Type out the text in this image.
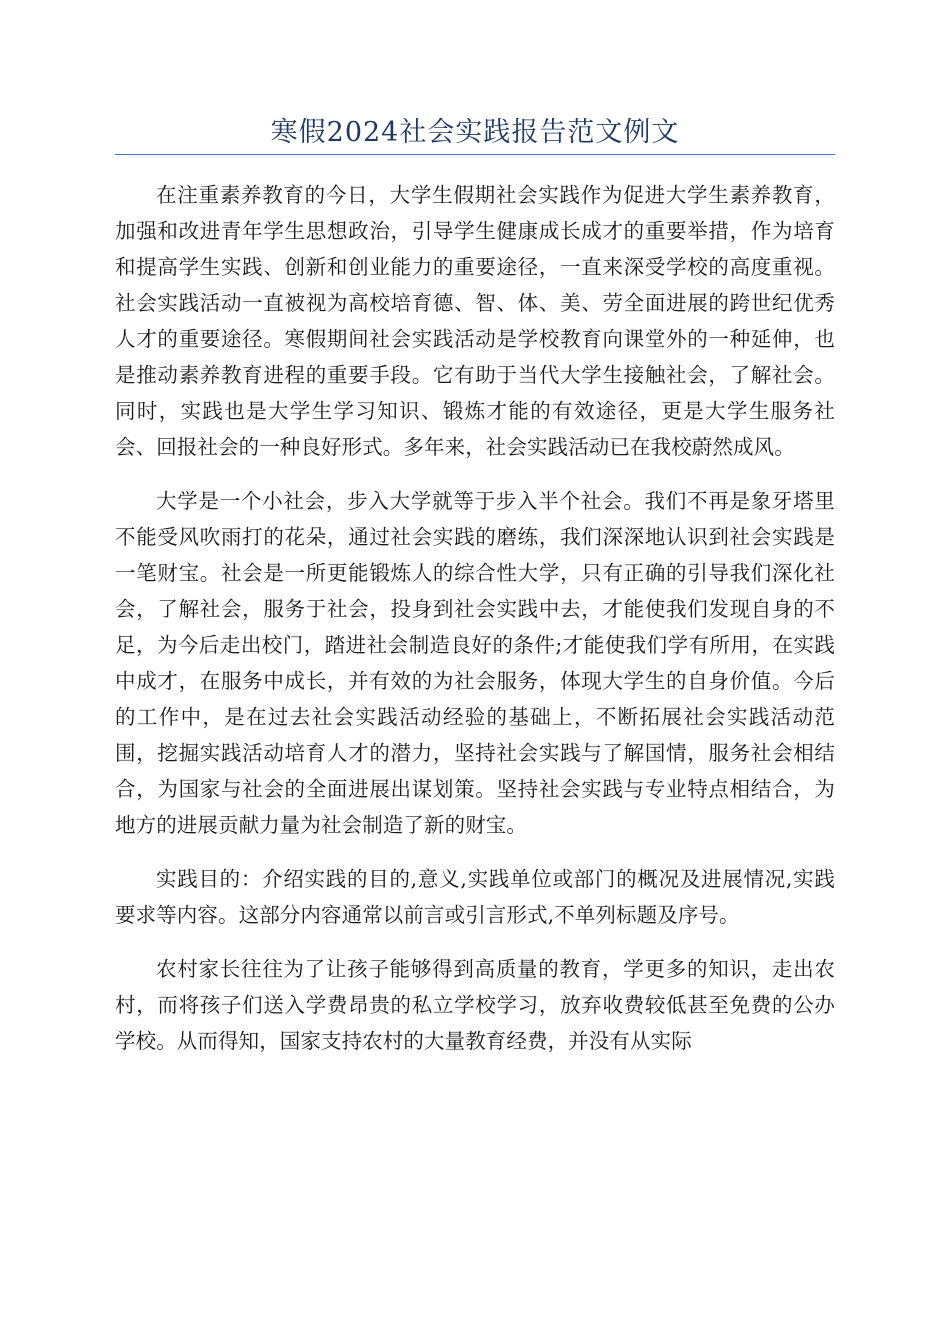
寒假2024社会实践报告范文例文

在注重素养教育的今日，大学生假期社会实践作为促进大学生素养教育，加强和改进青年学生思想政治，引导学生健康成长成才的重要举措，作为培育和提高学生实践、创新和创业能力的重要途径，一直来深受学校的高度重视。社会实践活动一直被视为高校培育德、智、体、美、劳全面进展的跨世纪优秀人才的重要途径。寒假期间社会实践活动是学校教育向课堂外的一种延伸，也是推动素养教育进程的重要手段。它有助于当代大学生接触社会，了解社会。同时，实践也是大学生学习知识、锻炼才能的有效途径，更是大学生服务社会、回报社会的一种良好形式。多年来，社会实践活动已在我校蔚然成风。

大学是一个小社会，步入大学就等于步入半个社会。我们不再是象牙塔里不能受风吹雨打的花朵，通过社会实践的磨练，我们深深地认识到社会实践是一笔财宝。社会是一所更能锻炼人的综合性大学，只有正确的引导我们深化社会，了解社会，服务于社会，投身到社会实践中去，才能使我们发现自身的不足，为今后走出校门，踏进社会制造良好的条件;才能使我们学有所用，在实践中成才，在服务中成长，并有效的为社会服务，体现大学生的自身价值。今后的工作中，是在过去社会实践活动经验的基础上，不断拓展社会实践活动范围，挖掘实践活动培育人才的潜力，坚持社会实践与了解国情，服务社会相结合，为国家与社会的全面进展出谋划策。坚持社会实践与专业特点相结合，为地方的进展贡献力量为社会制造了新的财宝。

实践目的：介绍实践的目的,意义,实践单位或部门的概况及进展情况,实践要求等内容。这部分内容通常以前言或引言形式,不单列标题及序号。

农村家长往往为了让孩子能够得到高质量的教育，学更多的知识，走出农村，而将孩子们送入学费昂贵的私立学校学习，放弃收费较低甚至免费的公办学校。从而得知，国家支持农村的大量教育经费，并没有从实际
